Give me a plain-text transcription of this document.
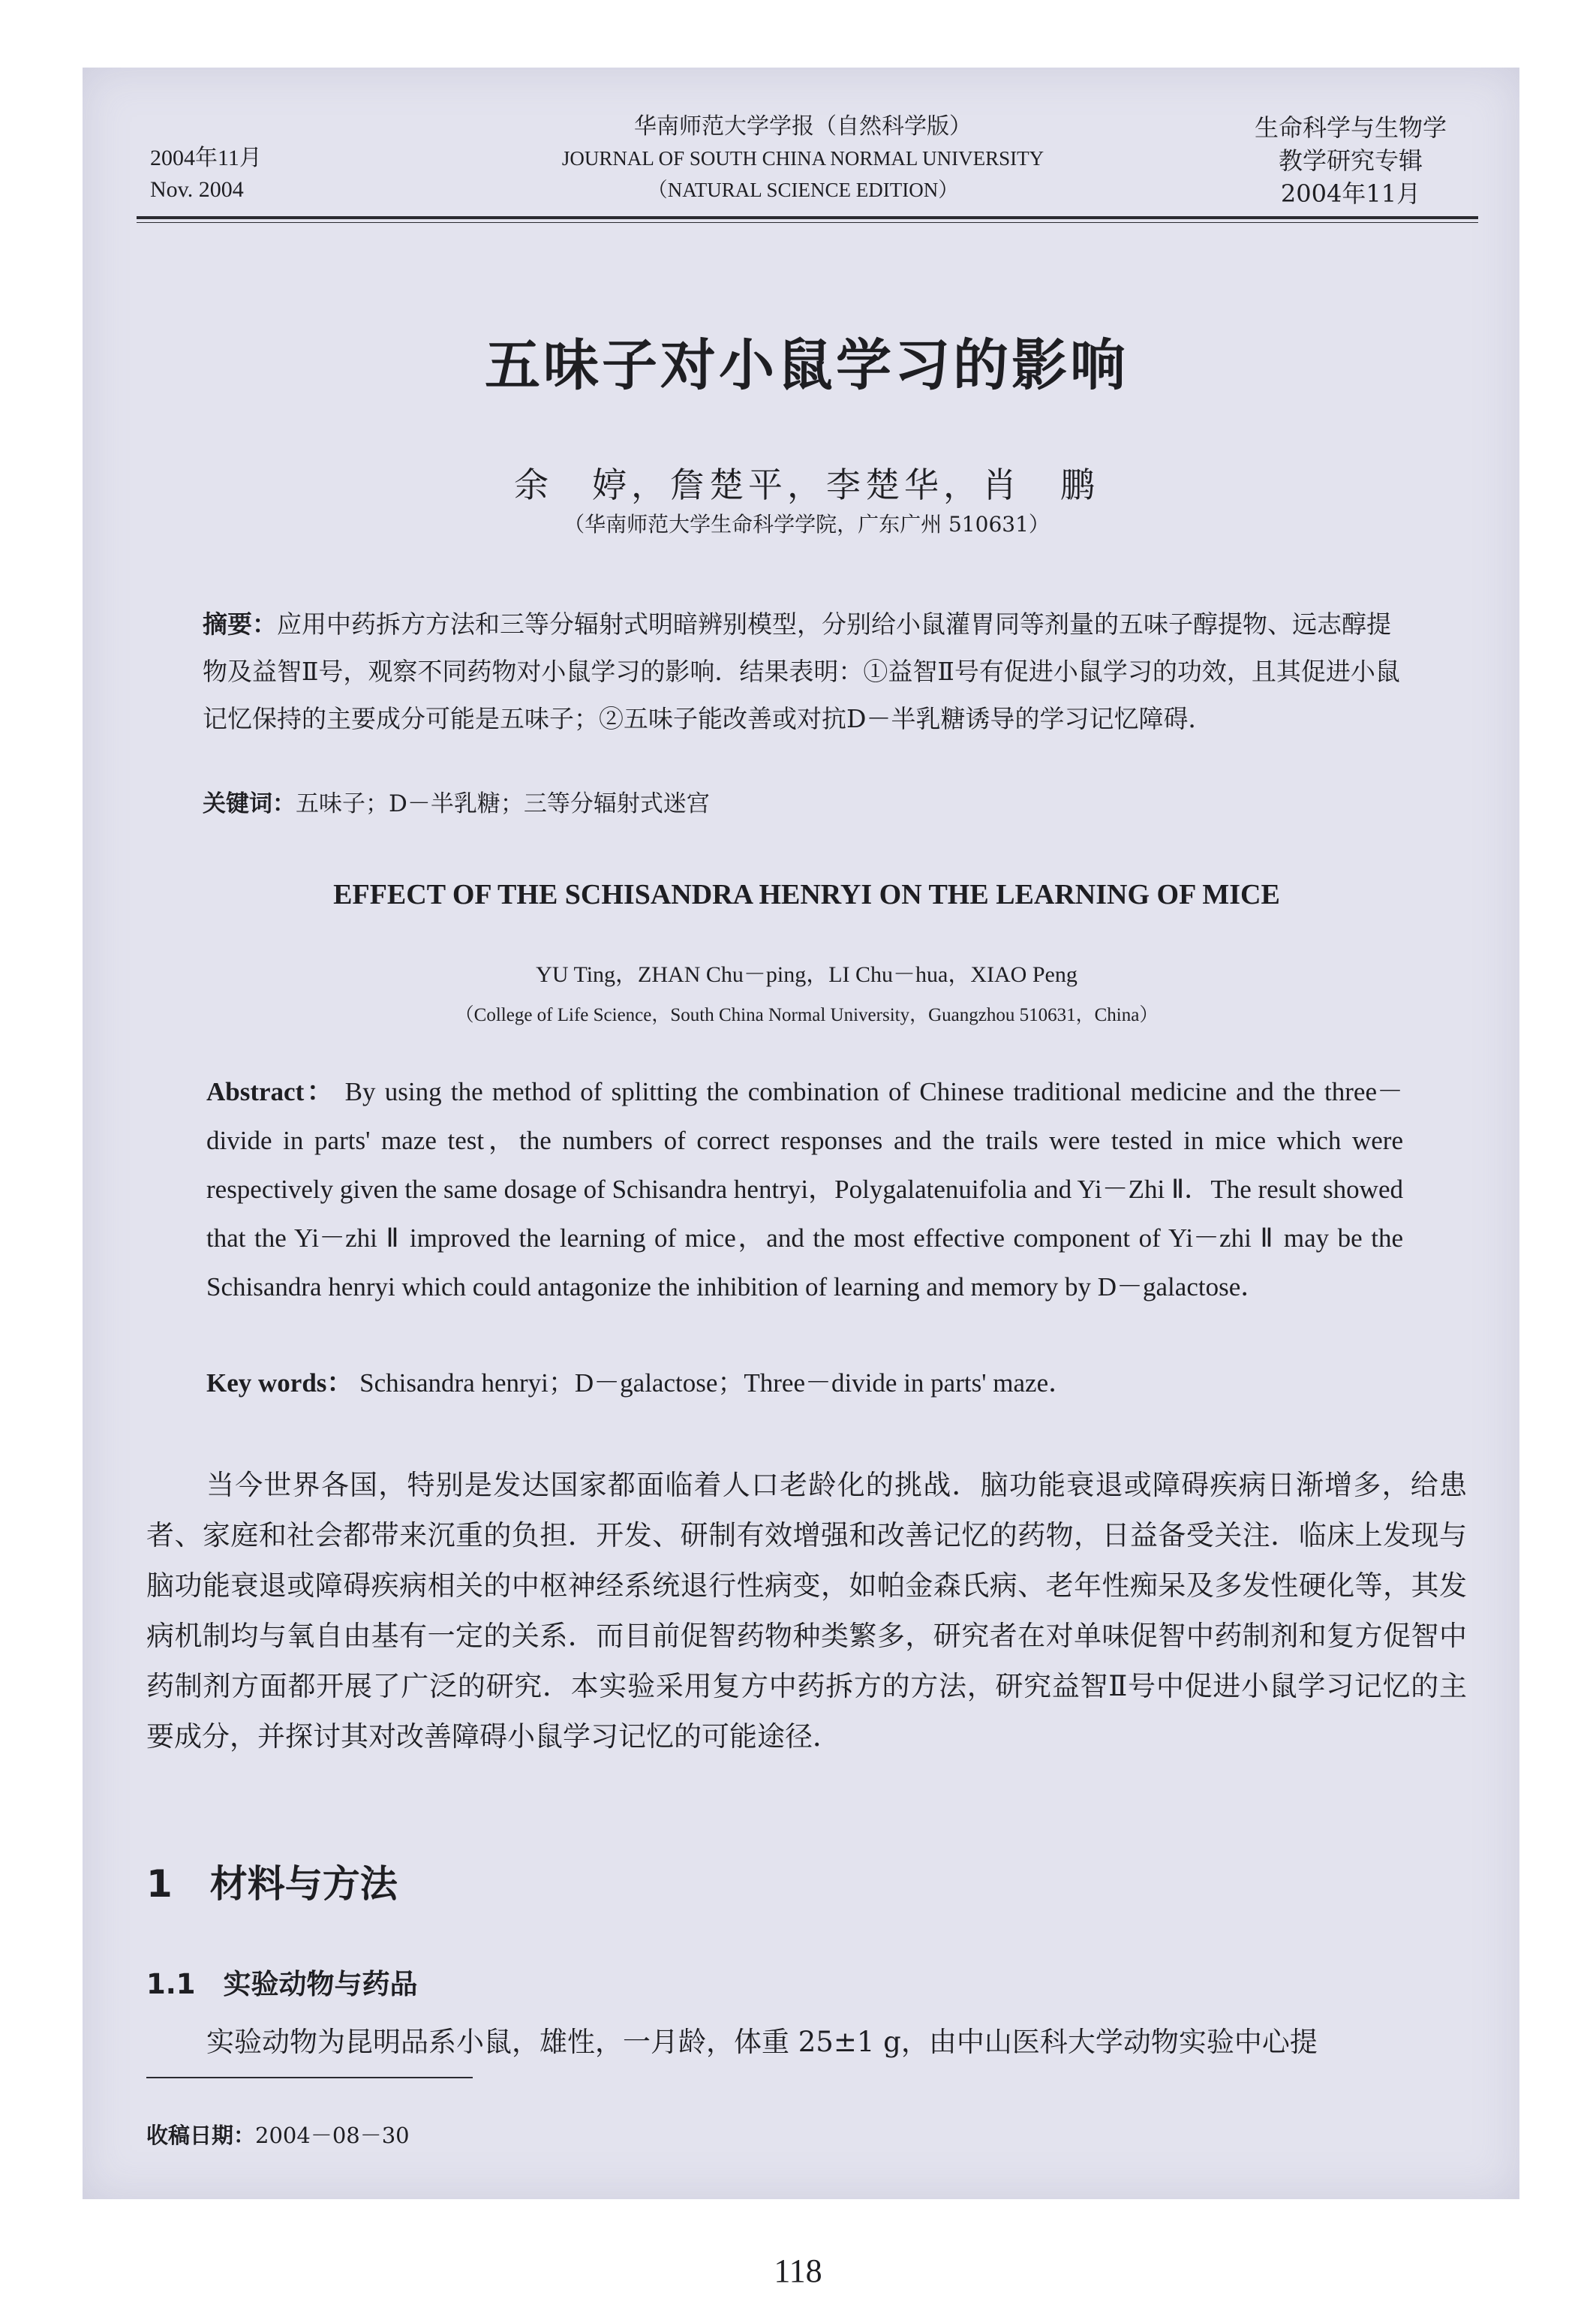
2004年11月
Nov. 2004
华南师范大学学报（自然科学版）
JOURNAL OF SOUTH CHINA NORMAL UNIVERSITY
（NATURAL SCIENCE EDITION）
生命科学与生物学
教学研究专辑
2004年11月
五味子对小鼠学习的影响
余　婷，詹楚平，李楚华，肖　鹏
（华南师范大学生命科学学院，广东广州 510631）
摘要：应用中药拆方方法和三等分辐射式明暗辨别模型，分别给小鼠灌胃同等剂量的五味子醇提物、远志醇提物及益智Ⅱ号，观察不同药物对小鼠学习的影响．结果表明：①益智Ⅱ号有促进小鼠学习的功效，且其促进小鼠记忆保持的主要成分可能是五味子；②五味子能改善或对抗D－半乳糖诱导的学习记忆障碍．
关键词：五味子；D－半乳糖；三等分辐射式迷宫
EFFECT OF THE SCHISANDRA HENRYI ON THE LEARNING OF MICE
YU Ting，ZHAN Chu－ping，LI Chu－hua，XIAO Peng
（College of Life Science，South China Normal University，Guangzhou 510631，China）
Abstract： By using the method of splitting the combination of Chinese traditional medicine and the three－divide in parts' maze test，the numbers of correct responses and the trails were tested in mice which were respectively given the same dosage of Schisandra hentryi，Polygalatenuifolia and Yi－Zhi Ⅱ．The result showed that the Yi－zhi Ⅱ improved the learning of mice，and the most effective component of Yi－zhi Ⅱ may be the Schisandra henryi which could antagonize the inhibition of learning and memory by D－galactose．
Key words： Schisandra henryi；D－galactose；Three－divide in parts' maze．
当今世界各国，特别是发达国家都面临着人口老龄化的挑战．脑功能衰退或障碍疾病日渐增多，给患者、家庭和社会都带来沉重的负担．开发、研制有效增强和改善记忆的药物，日益备受关注．临床上发现与脑功能衰退或障碍疾病相关的中枢神经系统退行性病变，如帕金森氏病、老年性痴呆及多发性硬化等，其发病机制均与氧自由基有一定的关系．而目前促智药物种类繁多，研究者在对单味促智中药制剂和复方促智中药制剂方面都开展了广泛的研究．本实验采用复方中药拆方的方法，研究益智Ⅱ号中促进小鼠学习记忆的主要成分，并探讨其对改善障碍小鼠学习记忆的可能途径．
1　材料与方法
1.1　实验动物与药品
实验动物为昆明品系小鼠，雄性，一月龄，体重 25±1 g，由中山医科大学动物实验中心提
收稿日期：2004－08－30
118
